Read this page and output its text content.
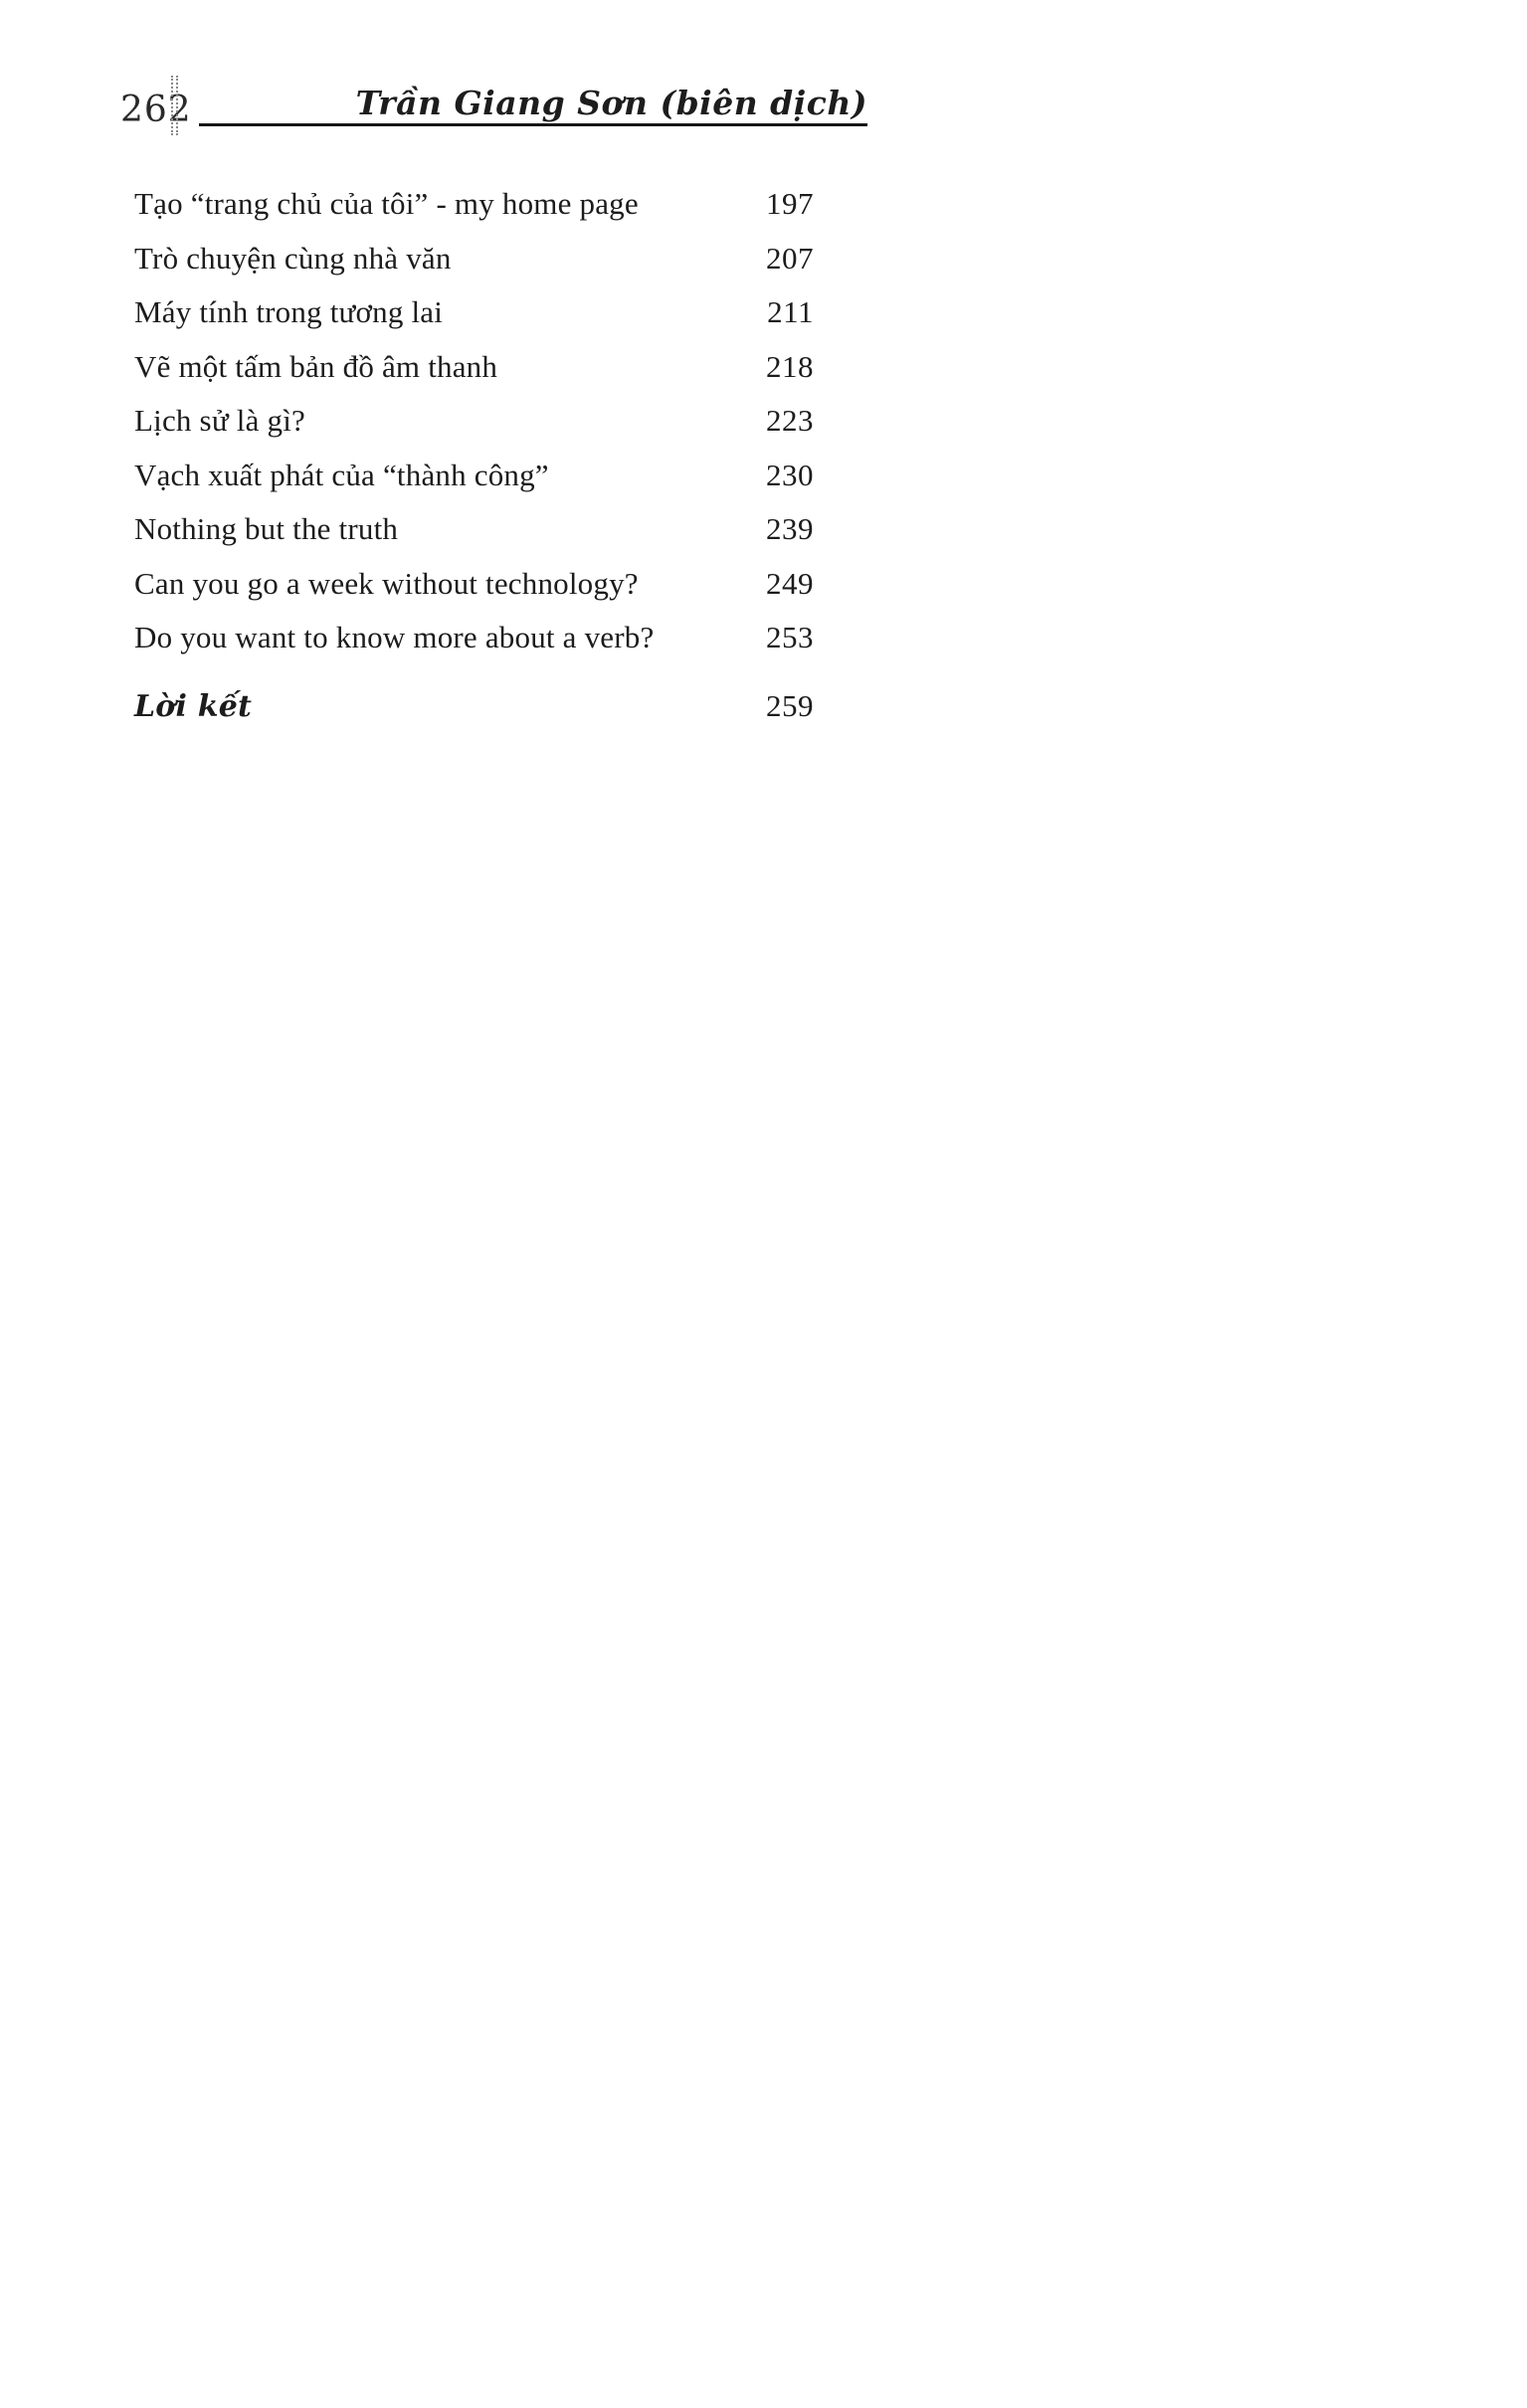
262	Trần Giang Sơn (biên dịch)
Tạo “trang chủ của tôi” - my home page	197
Trò chuyện cùng nhà văn	207
Máy tính trong tương lai	211
Vẽ một tấm bản đồ âm thanh	218
Lịch sử là gì?	223
Vạch xuất phát của “thành công”	230
Nothing but the truth	239
Can you go a week without technology?	249
Do you want to know more about a verb?	253
Lời kết	259
